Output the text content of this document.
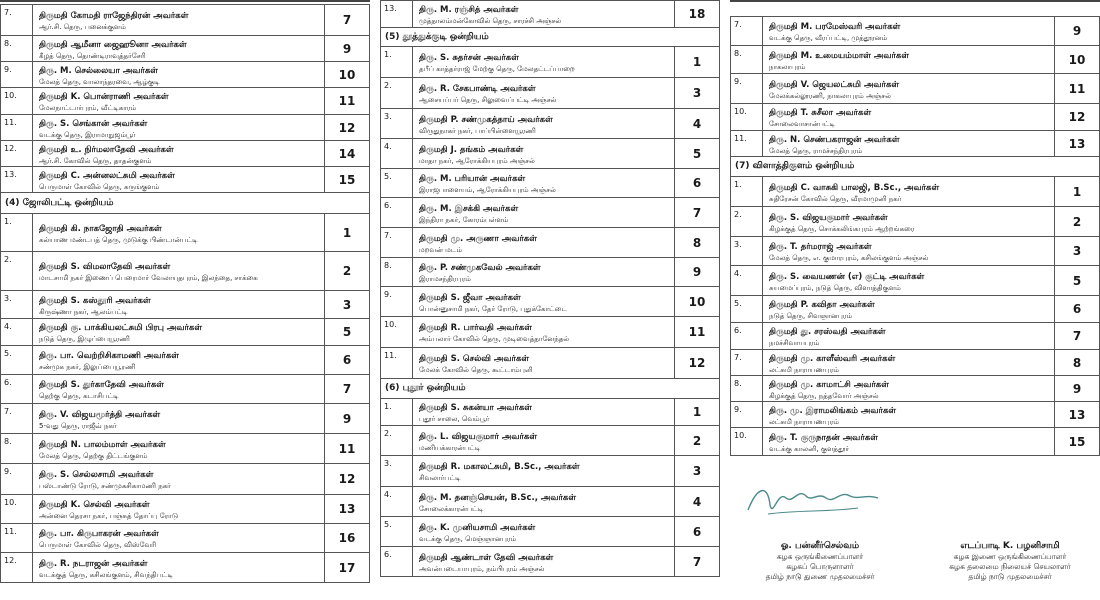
7.	திருமதி கோமதி ராஜேந்திரன் அவர்கள்
ஆர்.சி. தெரு, பனைக்குளம்	7
8.	திருமதி ஆமீனா ஜைஹூனா அவர்கள்
கீழத் தெரு, தொண்டிராவுத்தர்சேரி	9
9.	திரு. M. செல்லையா அவர்கள்
மேலத் தெரு, வாலாந்தரவை, ஆழ்குடி	10
10.	திருமதி K. பொன்ராணி அவர்கள்
மேலநாட்டார்புரம், வீட்டிகாரம்	11
11.	திரு. S. செங்கான் அவர்கள்
வடக்கு தெரு, இராமாநுஜம்பூர்	12
12.	திருமதி உ. நிர்மலாதேவி அவர்கள்
ஆர்.சி. கோவில் தெரு, தாதன்குளம்	14
13.	திருமதி C. அன்னலட்சுமி அவர்கள்
பெருமாள் கோவில் தெரு, கருங்குளம்	15
(4) ஜோலிபட்டி ஒன்றியம்		
1.	திருமதி கி. நாகஜோதி அவர்கள்
கல்யாண மண்டபத் தெரு, முடுக்கு பிண்டான்பட்டி	1
2.	திருமதி S. விமலாதேவி அவர்கள்
மாடசாமி நகர் இணைப் பெரைமார் வேலாயுதபுரம், இலந்தை, சாக்கை	2
3.	திருமதி S. கஸ்தூரி அவர்கள்
கிருஷ்ணா நகர், ஆலம்பட்டி	3
4.	திருமதி கு. பாக்கியலட்சுமி பிரபு அவர்கள்
நடுத் தெரு, இழுப்பையூரணி	5
5.	திரு. பா. வெற்றிசிகாமணி அவர்கள்
சண்முக நகர், இலுப்பையூரணி	6
6.	திருமதி S. துர்காதேவி அவர்கள்
தெற்கு தெரு, கடாசிபட்டி	7
7.	திரு. V. விஜயமூர்த்தி அவர்கள்
5-வது தெரு, ராஜீவ் நகர்	9
8.	திருமதி N. பாலம்மாள் அவர்கள்
மேலத் தெரு, தெற்கு திட்டங்குளம்	11
9.	திரு. S. செல்லசாமி அவர்கள்
பஸ்டாண்டு ரோடு, சண்முகசிகாமணி நகர்	12
10.	திருமதி K. செல்வி அவர்கள்
அன்னை தெரசா நகர், பஞ்சுத் தோப்பு ரோடு	13
11.	திரு. பா. கிருபாகரன் அவர்கள்
பெருமாள் கோவில் தெரு, விஸ்வேரி	16
12.	திரு. R. நடராஜன் அவர்கள்
வடக்குத் தெரு, கசிலங்குளம், சிவந்திபட்டி	17
13.	திரு. M. ரஞ்சித் அவர்கள்
முத்தாலம்மன்கோவில் தெரு, சாரச்சி அஞ்சல்	18
(5) தூத்துக்குடி ஒன்றியம்		
1.	திரு. S. சுதர்சன் அவர்கள்
தபீப் காத்தர்ராஜ் மேற்கு தெரு, மேலதட்டப்பாறை	1
2.	திரு. R. சேகபாண்டி அவர்கள்
ஆசையப்பர் தெரு, சிலுவைப்பட்டி அஞ்சல்	3
3.	திருமதி P. சண்முகத்தாய் அவர்கள்
விருதுநாகர் நகர், பாப்பிள்ளையூரணி	4
4.	திருமதி J. தங்கம் அவர்கள்
மாதா நகர், ஆரோக்கியபுரம் அஞ்சல்	5
5.	திரு. M. பரியான் அவர்கள்
இராஜபாளையம், ஆரோக்கியபுரம் அஞ்சல்	6
6.	திரு. M. இசக்கி அவர்கள்
இந்திரா நகர், கோரம்பள்ளம்	7
7.	திருமதி மு. அருணா அவர்கள்
மறவன் மடம்	8
8.	திரு. P. சண்முகவேல் அவர்கள்
இராமசந்திரபுரம்	9
9.	திருமதி S. ஜீவா அவர்கள்
பொன்னுசாமி நகர், தேர் ரோடு, புதுக்கோட்டை	10
10.	திருமதி R. பார்வதி அவர்கள்
அம்பலார் கோவில் தெரு, முடிவைத்தானேந்தல்	11
11.	திருமதி S. செல்வி அவர்கள்
மேலக் கோவில் தெரு, கூட்டாம்புளி	12
(6) புதூர் ஒன்றியம்		
1.	திருமதி S. சுகன்யா அவர்கள்
புதூர் சாலை, வெம்பூர்	1
2.	திரு. L. விஜயகுமார் அவர்கள்
மணியக்காரன்பட்டி	2
3.	திருமதி R. மகாலட்சுமி, B.Sc., அவர்கள்
சிவலார்பட்டி	3
4.	திரு. M. தனஞ்செயன், B.Sc., அவர்கள்
சோலைக்காரன்பட்டி	4
5.	திரு. K. முனியசாமி அவர்கள்
வடக்கு தெரு, மெஞ்ஞானபுரம்	6
6.	திருமதி ஆண்டாள் தேவி அவர்கள்
அவன்படையாபுரம், நம்பிபுரம் அஞ்சல்	7
7.	திருமதி M. பரமேஸ்வரி அவர்கள்
வடக்கு தெரு, வீரப்பட்டி, முத்தூரனம்	9
8.	திருமதி M. உமையம்மாள் அவர்கள்
நாகலாபுரம்	10
9.	திருமதி V. ஜெயலட்சுமி அவர்கள்
மேலக்கல்லூரணி, நாகலாபுரம் அஞ்சல்	11
10.	திருமதி T. சுசீலா அவர்கள்
சோலைவாசான்பட்டி	12
11.	திரு. N. செண்பகராஜன் அவர்கள்
மேலத் தெரு, ராமச்சந்திரபுரம்	13
(7) விளாத்திகுளம் ஒன்றியம்		
1.	திருமதி C. வாசுகி பாலஜி, B.Sc., அவர்கள்
சுதிரேசன் கோவில் தெரு, வீரமாமுனி நகர்	1
2.	திரு. S. விஜயகுமார் அவர்கள்
கிழக்குத் தெரு, சொக்கலிங்கபுரம் ஆற்றங்கரை	2
3.	திரு. T. தர்மராஜ் அவர்கள்
மேலத் தெரு, எ. குமாரபுரம், கசிலங்குளம் அஞ்சல்	3
4.	திரு. S. வையணன் (எ) குட்டி அவர்கள்
சுயமைப்புரம், நடுத் தெரு, விளாத்திகுளம்	5
5.	திருமதி P. கவிதா அவர்கள்
நடுத் தெரு, சிவஞானபுரம்	6
6.	திருமதி து. சரஸ்வதி அவர்கள்
நமச்சிவாயபுரம்	7
7.	திருமதி மு. காளீஸ்வரி அவர்கள்
லட்சுமி நாராயணபுரம்	8
8.	திருமதி மு. காமாட்சி அவர்கள்
கிழக்குத் தெரு, நத்தவோர் அஞ்சல்	9
9.	திரு. மு. இராமலிங்கம் அவர்கள்
லட்சுமி நாராயணபுரம்	13
10.	திரு. T. குருநாதன் அவர்கள்
வடக்கு காலனி, குளத்தூர்	15
ஓ. பன்னீர்செல்வம்
கழக ஒருங்கிணைப்பாளர்
கழகப் பொருளாளர்
தமிழ் நாடு துணை முதலமைச்சர்
எடப்பாடி K. பழனிசாமி
கழக இணை ஒருங்கிணைப்பாளர்
கழக தலைமை நிலையச் செயலாளர்
தமிழ் நாடு முதலமைச்சர்
